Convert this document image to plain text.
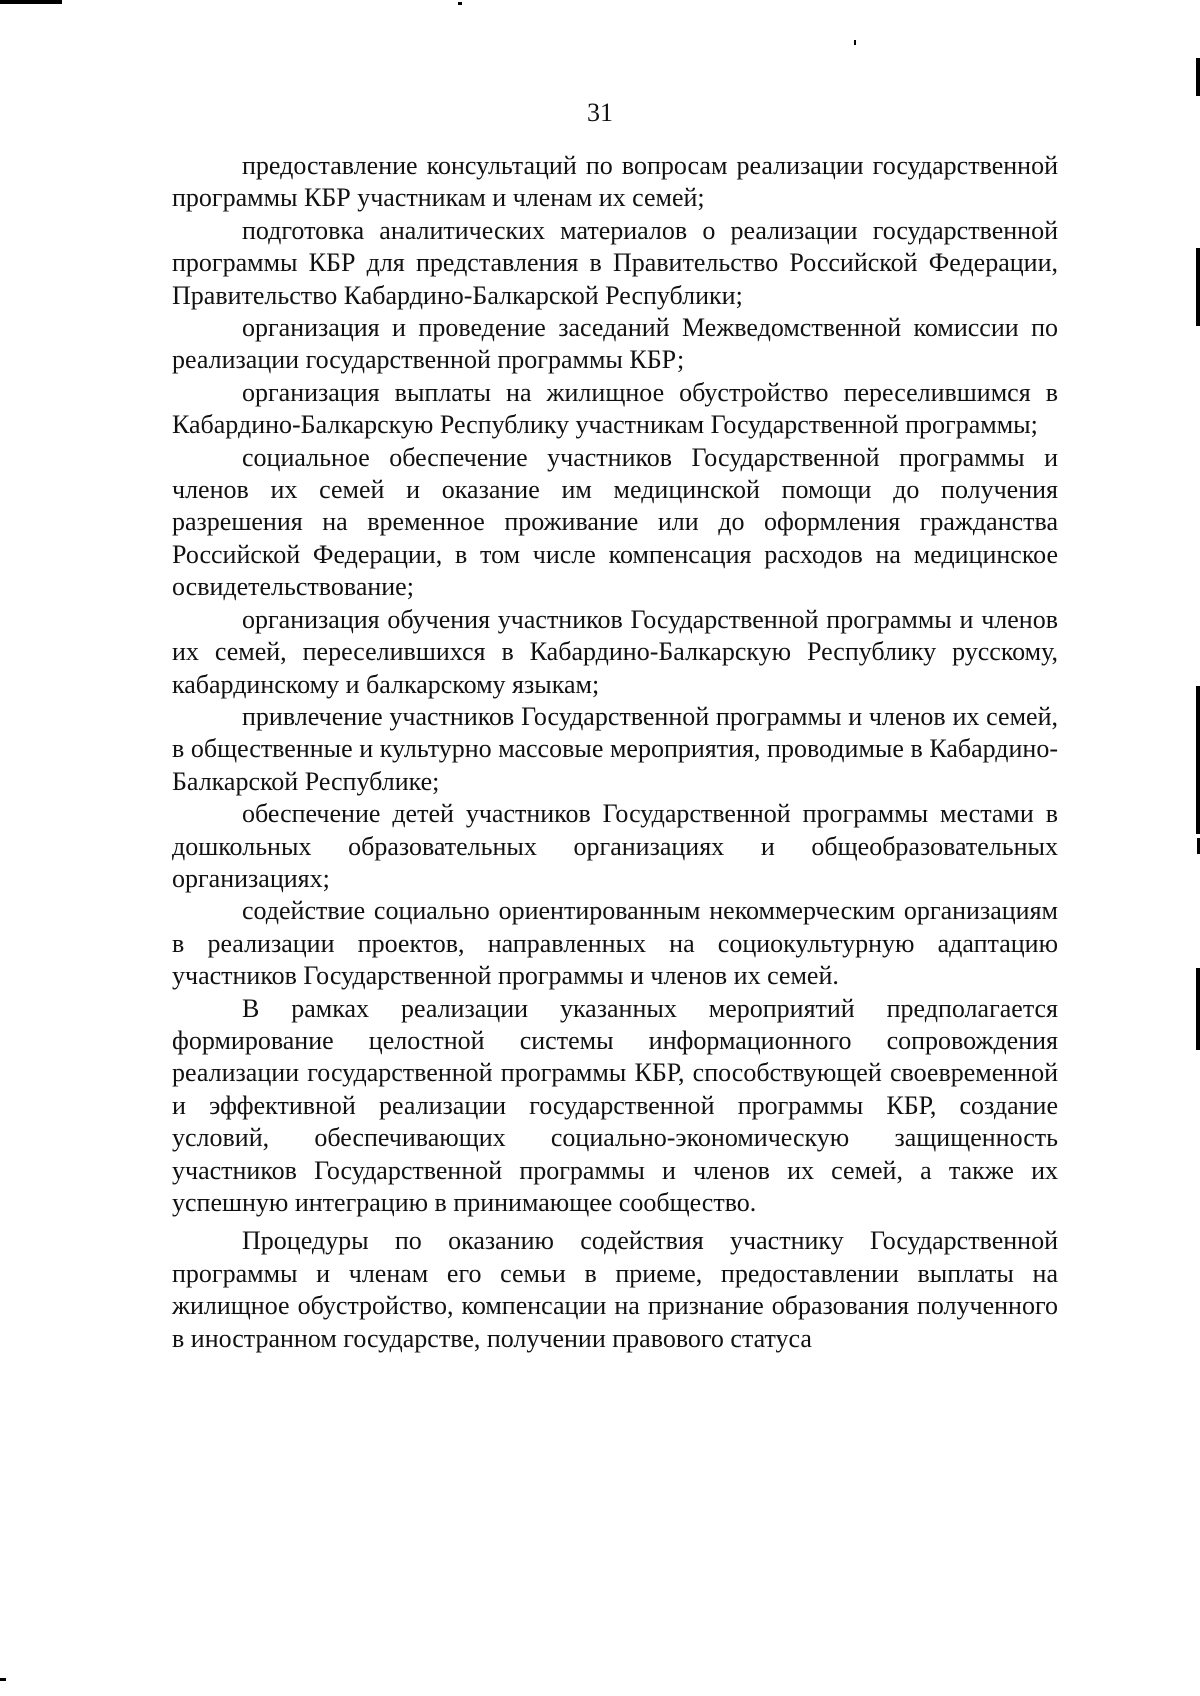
31

предоставление консультаций по вопросам реализации государственной программы КБР участникам и членам их семей;

подготовка аналитических материалов о реализации государственной программы КБР для представления в Правительство Российской Федерации, Правительство Кабардино-Балкарской Республики;

организация и проведение заседаний Межведомственной комиссии по реализации государственной программы КБР;

организация выплаты на жилищное обустройство переселившимся в Кабардино-Балкарскую Республику участникам Государственной программы;

социальное обеспечение участников Государственной программы и членов их семей и оказание им медицинской помощи до получения разрешения на временное проживание или до оформления гражданства Российской Федерации, в том числе компенсация расходов на медицинское освидетельствование;

организация обучения участников Государственной программы и членов их семей, переселившихся в Кабардино-Балкарскую Республику русскому, кабардинскому и балкарскому языкам;

привлечение участников Государственной программы и членов их семей, в общественные и культурно массовые мероприятия, проводимые в Кабардино-Балкарской Республике;

обеспечение детей участников Государственной программы местами в дошкольных образовательных организациях и общеобразовательных организациях;

содействие социально ориентированным некоммерческим организациям в реализации проектов, направленных на социокультурную адаптацию участников Государственной программы и членов их семей.

В рамках реализации указанных мероприятий предполагается формирование целостной системы информационного сопровождения реализации государственной программы КБР, способствующей своевременной и эффективной реализации государственной программы КБР, создание условий, обеспечивающих социально-экономическую защищенность участников Государственной программы и членов их семей, а также их успешную интеграцию в принимающее сообщество.

Процедуры по оказанию содействия участнику Государственной программы и членам его семьи в приеме, предоставлении выплаты на жилищное обустройство, компенсации на признание образования полученного в иностранном государстве, получении правового статуса
